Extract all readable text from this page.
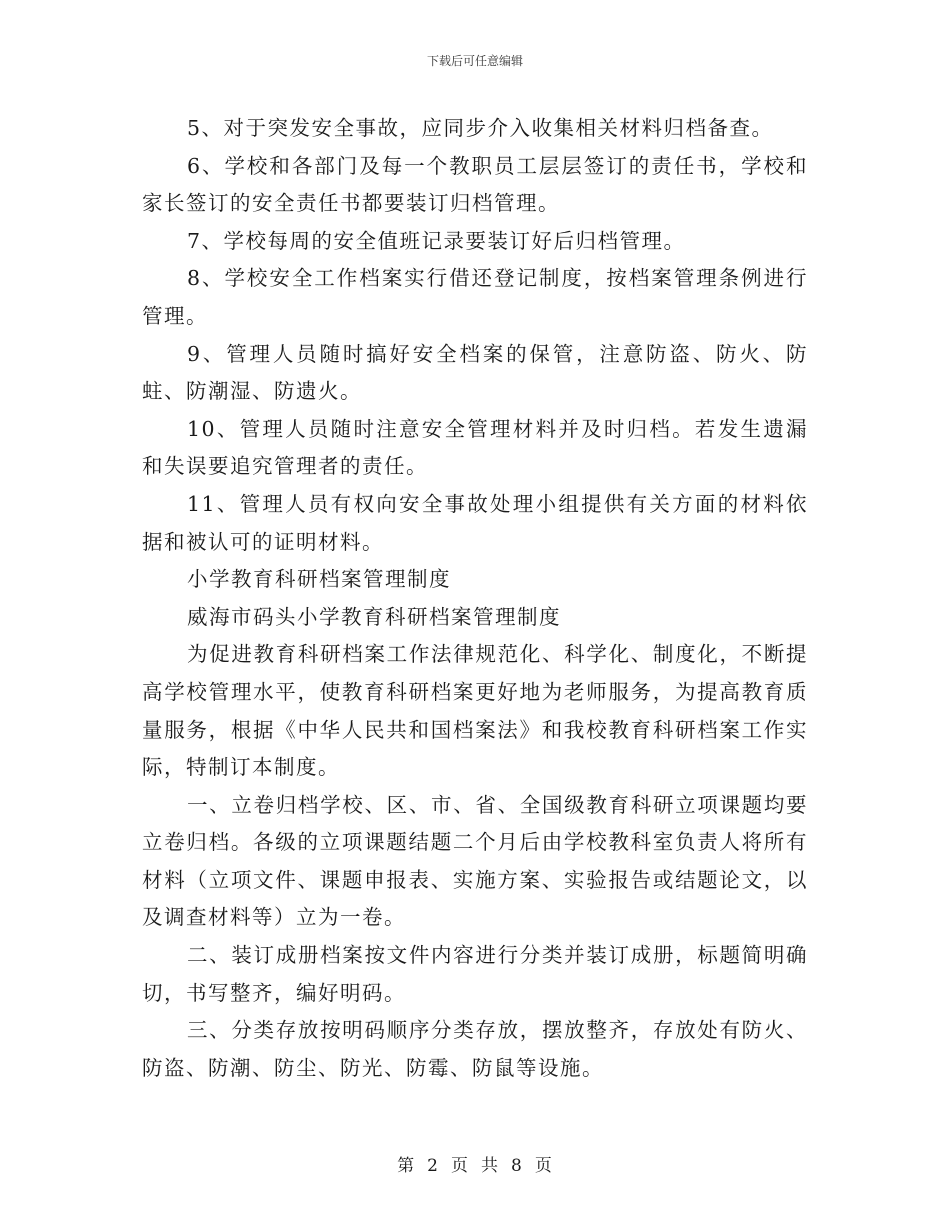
下载后可任意编辑

5、对于突发安全事故，应同步介入收集相关材料归档备查。

6、学校和各部门及每一个教职员工层层签订的责任书，学校和家长签订的安全责任书都要装订归档管理。

7、学校每周的安全值班记录要装订好后归档管理。

8、学校安全工作档案实行借还登记制度，按档案管理条例进行管理。

9、管理人员随时搞好安全档案的保管，注意防盗、防火、防蛀、防潮湿、防遗火。

10、管理人员随时注意安全管理材料并及时归档。若发生遗漏和失误要追究管理者的责任。

11、管理人员有权向安全事故处理小组提供有关方面的材料依据和被认可的证明材料。

小学教育科研档案管理制度

威海市码头小学教育科研档案管理制度

为促进教育科研档案工作法律规范化、科学化、制度化，不断提高学校管理水平，使教育科研档案更好地为老师服务，为提高教育质量服务，根据《中华人民共和国档案法》和我校教育科研档案工作实际，特制订本制度。

一、立卷归档学校、区、市、省、全国级教育科研立项课题均要立卷归档。各级的立项课题结题二个月后由学校教科室负责人将所有材料（立项文件、课题申报表、实施方案、实验报告或结题论文，以及调查材料等）立为一卷。

二、装订成册档案按文件内容进行分类并装订成册，标题简明确切，书写整齐，编好明码。

三、分类存放按明码顺序分类存放，摆放整齐，存放处有防火、防盗、防潮、防尘、防光、防霉、防鼠等设施。

第 2 页 共 8 页
